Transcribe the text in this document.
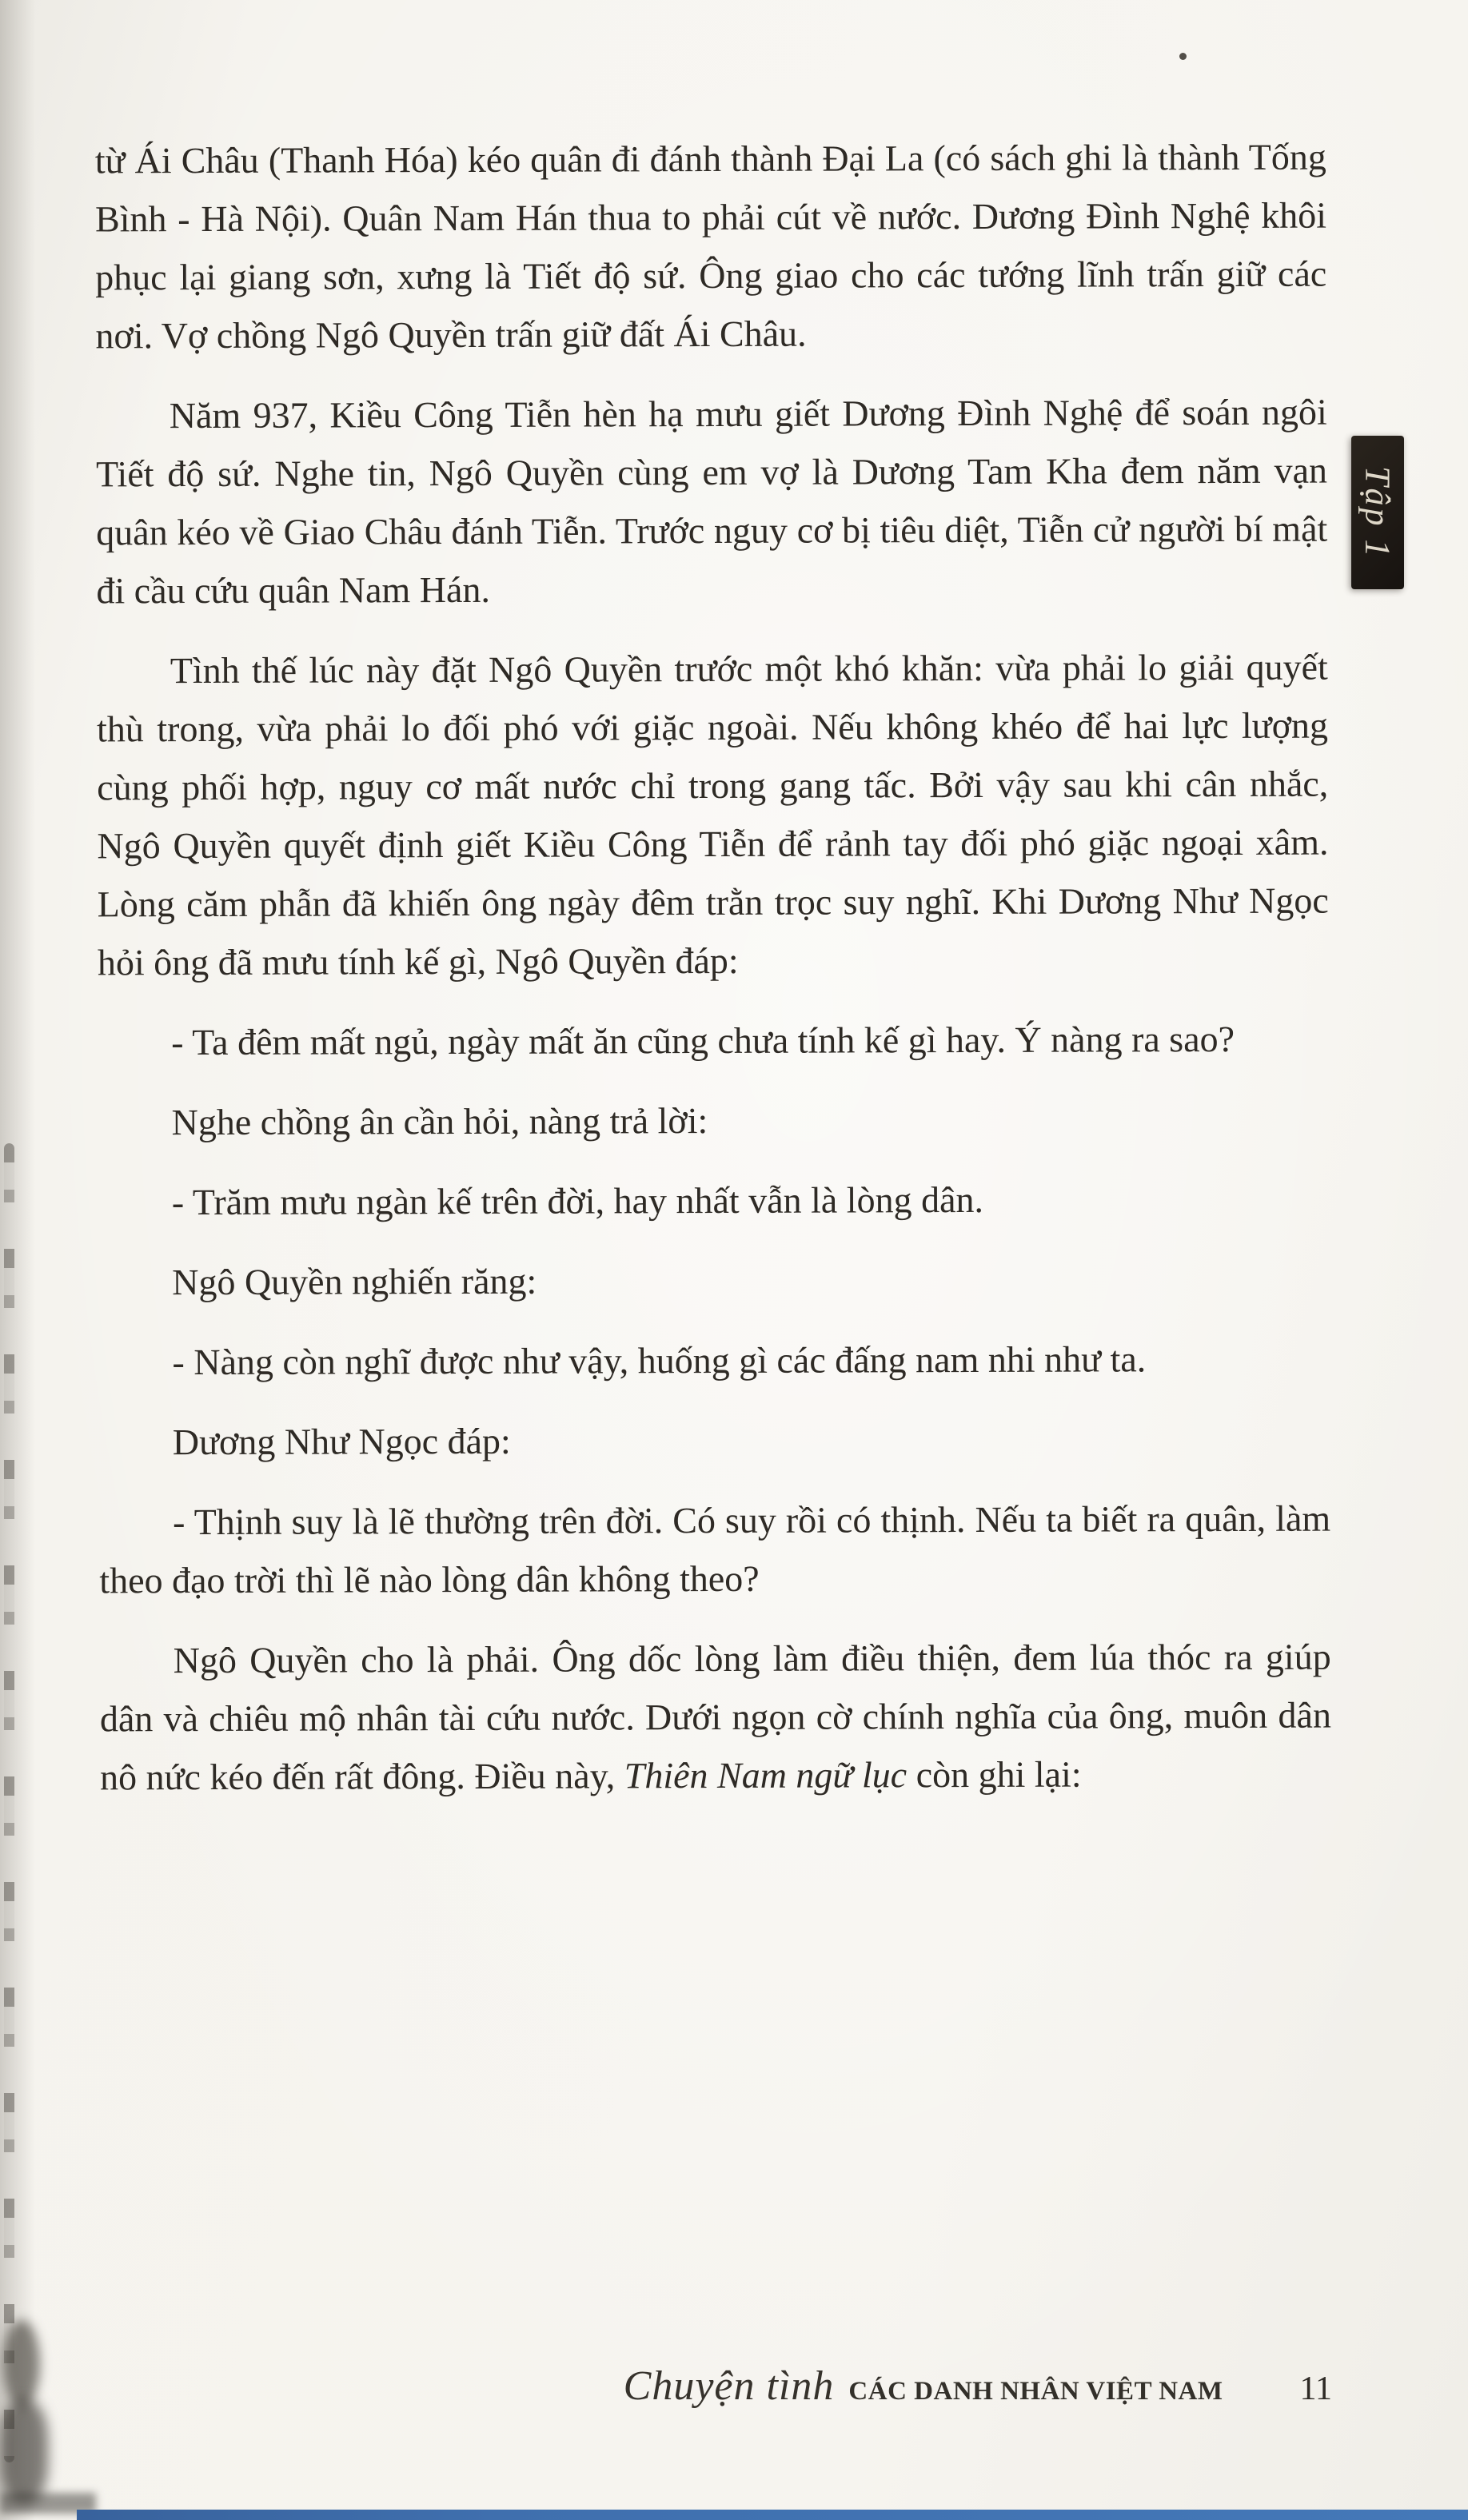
Tập 1

từ Ái Châu (Thanh Hóa) kéo quân đi đánh thành Đại La (có sách ghi là thành Tống Bình - Hà Nội). Quân Nam Hán thua to phải cút về nước. Dương Đình Nghệ khôi phục lại giang sơn, xưng là Tiết độ sứ. Ông giao cho các tướng lĩnh trấn giữ các nơi. Vợ chồng Ngô Quyền trấn giữ đất Ái Châu.

Năm 937, Kiều Công Tiễn hèn hạ mưu giết Dương Đình Nghệ để soán ngôi Tiết độ sứ. Nghe tin, Ngô Quyền cùng em vợ là Dương Tam Kha đem năm vạn quân kéo về Giao Châu đánh Tiễn. Trước nguy cơ bị tiêu diệt, Tiễn cử người bí mật đi cầu cứu quân Nam Hán.

Tình thế lúc này đặt Ngô Quyền trước một khó khăn: vừa phải lo giải quyết thù trong, vừa phải lo đối phó với giặc ngoài. Nếu không khéo để hai lực lượng cùng phối hợp, nguy cơ mất nước chỉ trong gang tấc. Bởi vậy sau khi cân nhắc, Ngô Quyền quyết định giết Kiều Công Tiễn để rảnh tay đối phó giặc ngoại xâm. Lòng căm phẫn đã khiến ông ngày đêm trằn trọc suy nghĩ. Khi Dương Như Ngọc hỏi ông đã mưu tính kế gì, Ngô Quyền đáp:

- Ta đêm mất ngủ, ngày mất ăn cũng chưa tính kế gì hay. Ý nàng ra sao?

Nghe chồng ân cần hỏi, nàng trả lời:

- Trăm mưu ngàn kế trên đời, hay nhất vẫn là lòng dân.

Ngô Quyền nghiến răng:

- Nàng còn nghĩ được như vậy, huống gì các đấng nam nhi như ta.

Dương Như Ngọc đáp:

- Thịnh suy là lẽ thường trên đời. Có suy rồi có thịnh. Nếu ta biết ra quân, làm theo đạo trời thì lẽ nào lòng dân không theo?

Ngô Quyền cho là phải. Ông dốc lòng làm điều thiện, đem lúa thóc ra giúp dân và chiêu mộ nhân tài cứu nước. Dưới ngọn cờ chính nghĩa của ông, muôn dân nô nức kéo đến rất đông. Điều này, Thiên Nam ngữ lục còn ghi lại:

Chuyện tình CÁC DANH NHÂN VIỆT NAM 11
